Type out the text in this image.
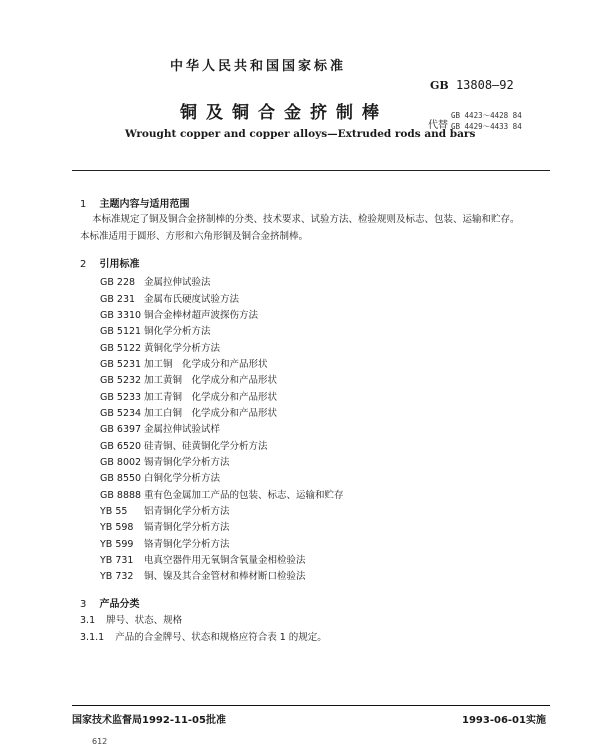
中华人民共和国国家标准
GB 13808—92
铜及铜合金挤制棒
Wrought copper and copper alloys—Extruded rods and bars
代替
GB 4423～4428 84
GB 4429～4433 84
1 主题内容与适用范围
本标准规定了铜及铜合金挤制棒的分类、技术要求、试验方法、检验规则及标志、包装、运输和贮存。
本标准适用于圆形、方形和六角形铜及铜合金挤制棒。
2 引用标准
GB 228 金属拉伸试验法
GB 231 金属布氏硬度试验方法
GB 3310 铜合金棒材超声波探伤方法
GB 5121 铜化学分析方法
GB 5122 黄铜化学分析方法
GB 5231 加工铜　化学成分和产品形状
GB 5232 加工黄铜　化学成分和产品形状
GB 5233 加工青铜　化学成分和产品形状
GB 5234 加工白铜　化学成分和产品形状
GB 6397 金属拉伸试验试样
GB 6520 硅青铜、硅黄铜化学分析方法
GB 8002 锡青铜化学分析方法
GB 8550 白铜化学分析方法
GB 8888 重有色金属加工产品的包装、标志、运输和贮存
YB 55 铝青铜化学分析方法
YB 598 镉青铜化学分析方法
YB 599 铬青铜化学分析方法
YB 731 电真空器件用无氧铜含氧量金相检验法
YB 732 铜、镍及其合金管材和棒材断口检验法
3 产品分类
3.1 牌号、状态、规格
3.1.1 产品的合金牌号、状态和规格应符合表 1 的规定。
国家技术监督局1992-11-05批准	1993-06-01实施
612
